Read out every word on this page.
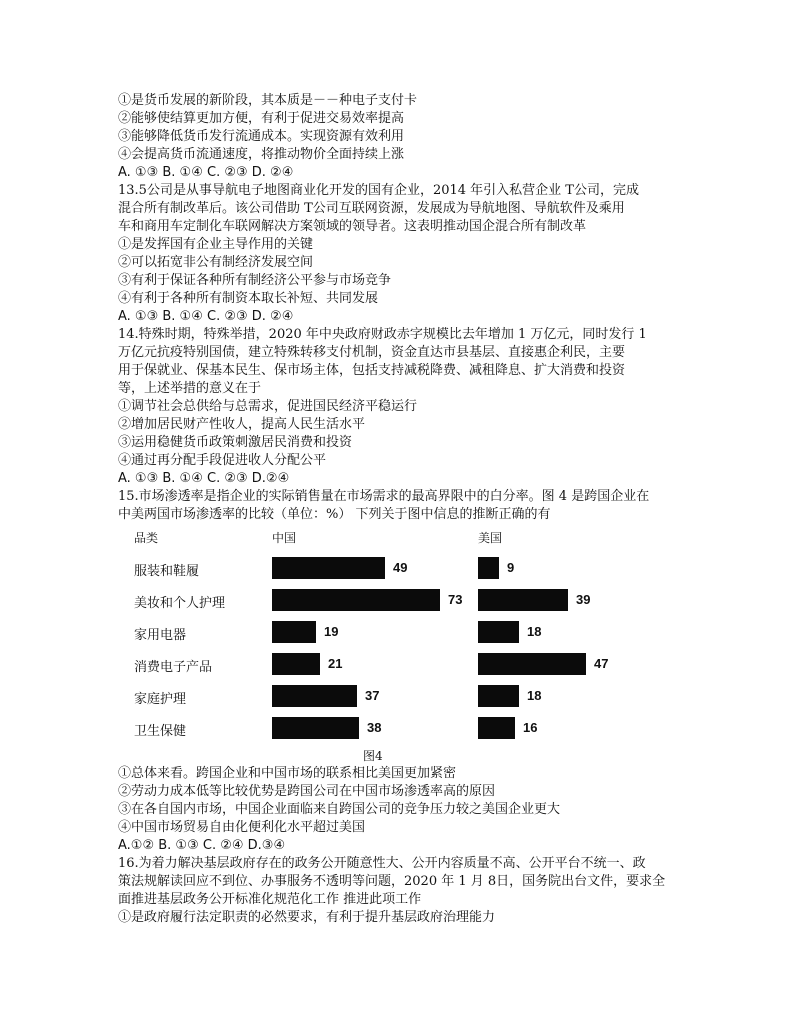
①是货币发展的新阶段，其本质是－－种电子支付卡
②能够使结算更加方便，有利于促进交易效率提高
③能够降低货币发行流通成本。实现资源有效利用
④会提高货币流通速度，将推动物价全面持续上涨
A. ①③ B. ①④ C. ②③ D. ②④
13.5公司是从事导航电子地图商业化开发的国有企业，2014 年引入私营企业 T公司，完成
混合所有制改革后。该公司借助 T公司互联网资源，发展成为导航地图、导航软件及乘用
车和商用车定制化车联网解决方案领域的领导者。这表明推动国企混合所有制改革
①是发挥国有企业主导作用的关键
②可以拓宽非公有制经济发展空间
③有利于保证各种所有制经济公平参与市场竞争
④有利于各种所有制资本取长补短、共同发展
A. ①③ B. ①④ C. ②③ D. ②④
14.特殊时期，特殊举措，2020 年中央政府财政赤字规模比去年增加 1 万亿元，同时发行 1
万亿元抗疫特别国债，建立特殊转移支付机制，资金直达市县基层、直接惠企利民，主要
用于保就业、保基本民生、保市场主体，包括支持减税降费、减租降息、扩大消费和投资
等，上述举措的意义在于
①调节社会总供给与总需求，促进国民经济平稳运行
②增加居民财产性收人，提高人民生活水平
③运用稳健货币政策刺激居民消费和投资
④通过再分配手段促进收人分配公平
A. ①③ B. ①④ C. ②③ D.②④
15.市场渗透率是指企业的实际销售量在市场需求的最高界限中的白分率。图 4 是跨国企业在
中美两国市场渗透率的比较（单位：%） 下列关于图中信息的推断正确的有
品类	中国	美国
图4
①总体来看。跨国企业和中国市场的联系相比美国更加紧密
②劳动力成本低等比较优势是跨国公司在中国市场渗透率高的原因
③在各自国内市场，中国企业面临来自跨国公司的竞争压力较之美国企业更大
④中国市场贸易自由化便利化水平超过美国
A.①② B. ①③ C. ②④ D.③④
16.为着力解决基层政府存在的政务公开随意性大、公开内容质量不高、公开平台不统一、政
策法规解读回应不到位、办事服务不透明等问题，2020 年 1 月 8日，国务院出台文件，要求全
面推进基层政务公开标准化规范化工作 推进此项工作
①是政府履行法定职责的必然要求，有利于提升基层政府治理能力
服装和鞋履	49	9
美妆和个人护理	73	39
家用电器	19	18
消费电子产品	21	47
家庭护理	37	18
卫生保健	38	16
